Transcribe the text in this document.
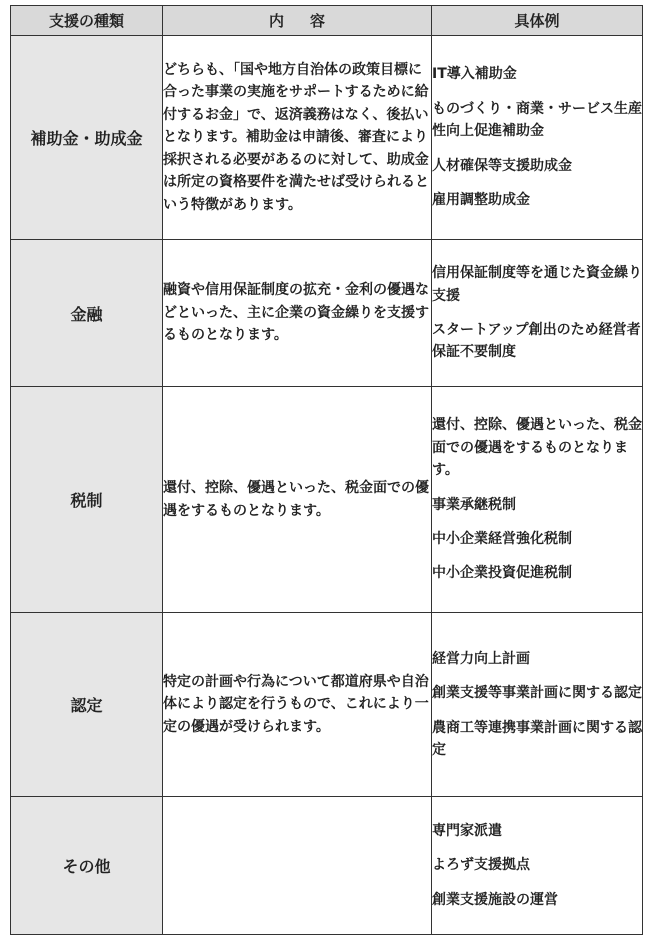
支援の種類	内容	具体例
補助金・助成金	どちらも、「国や地方自治体の政策目標に合った事業の実施をサポートするために給付するお金」で、返済義務はなく、後払いとなります。補助金は申請後、審査により採択される必要があるのに対して、助成金は所定の資格要件を満たせば受けられるという特徴があります。	IT導入補助金
ものづくり・商業・サービス生産性向上促進補助金
人材確保等支援助成金
雇用調整助成金

金融	融資や信用保証制度の拡充・金利の優遇などといった、主に企業の資金繰りを支援するものとなります。	信用保証制度等を通じた資金繰り支援
スタートアップ創出のため経営者保証不要制度

税制	還付、控除、優遇といった、税金面での優遇をするものとなります。	還付、控除、優遇といった、税金面での優遇をするものとなります。
事業承継税制
中小企業経営強化税制
中小企業投資促進税制

認定	特定の計画や行為について都道府県や自治体により認定を行うもので、これにより一定の優遇が受けられます。	経営力向上計画
創業支援等事業計画に関する認定
農商工等連携事業計画に関する認定

その他		専門家派遣
よろず支援拠点
創業支援施設の運営
